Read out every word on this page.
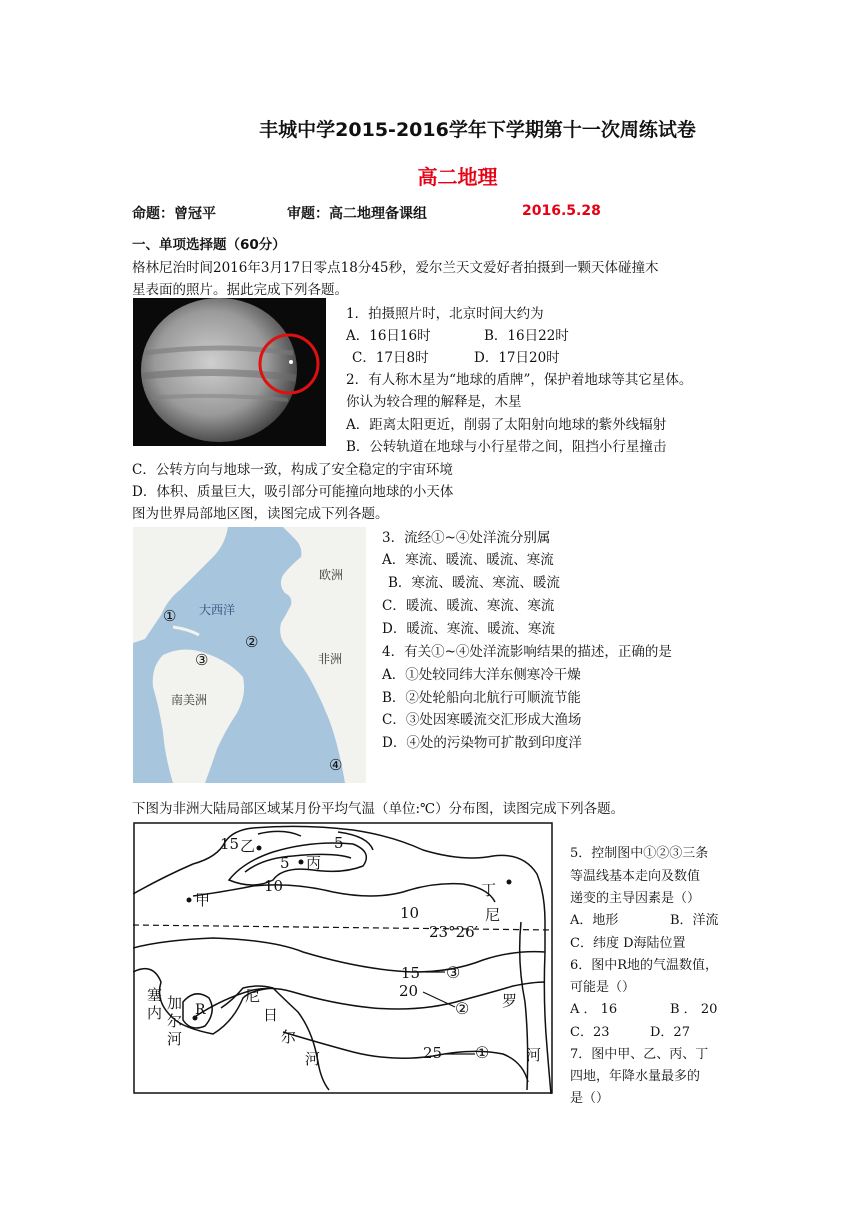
丰城中学2015-2016学年下学期第十一次周练试卷
高二地理
命题：曾冠平	审题：高二地理备课组	2016.5.28
一、单项选择题（60分）
格林尼治时间2016年3月17日零点18分45秒，爱尔兰天文爱好者拍摄到一颗天体碰撞木
星表面的照片。据此完成下列各题。
1．拍摄照片时，北京时间大约为
A．16日16时	B．16日22时
C．17日8时	D．17日20时
2．有人称木星为“地球的盾牌”，保护着地球等其它星体。
你认为较合理的解释是，木星
A．距离太阳更近，削弱了太阳射向地球的紫外线辐射
B．公转轨道在地球与小行星带之间，阻挡小行星撞击
C．公转方向与地球一致，构成了安全稳定的宇宙环境
D．体积、质量巨大，吸引部分可能撞向地球的小天体
图为世界局部地区图，读图完成下列各题。
欧洲
大西洋
非洲
南美洲
①
②
③
④
3．流经①~④处洋流分别属
A．寒流、暖流、暖流、寒流
B．寒流、暖流、寒流、暖流
C．暖流、暖流、寒流、寒流
D．暖流、寒流、暖流、寒流
4．有关①~④处洋流影响结果的描述，正确的是
A．①处较同纬大洋东侧寒冷干燥
B．②处轮船向北航行可顺流节能
C．③处因寒暖流交汇形成大渔场
D．④处的污染物可扩散到印度洋
下图为非洲大陆局部区域某月份平均气温（单位:℃）分布图，读图完成下列各题。
15 乙	5
5 丙
10
甲
丁
10	尼
23°26′
15 ③
塞
内
加
尔
河
R
尼
日
尔
河
20
② 罗
25 ① 河
5．控制图中①②③三条
等温线基本走向及数值
递变的主导因素是（）
A．地形	B．洋流
C．纬度 D海陆位置
6．图中R地的气温数值，
可能是（）
A ． 16	B ． 20
C．23	D．27
7．图中甲、乙、丙、丁
四地，年降水量最多的
是（）
